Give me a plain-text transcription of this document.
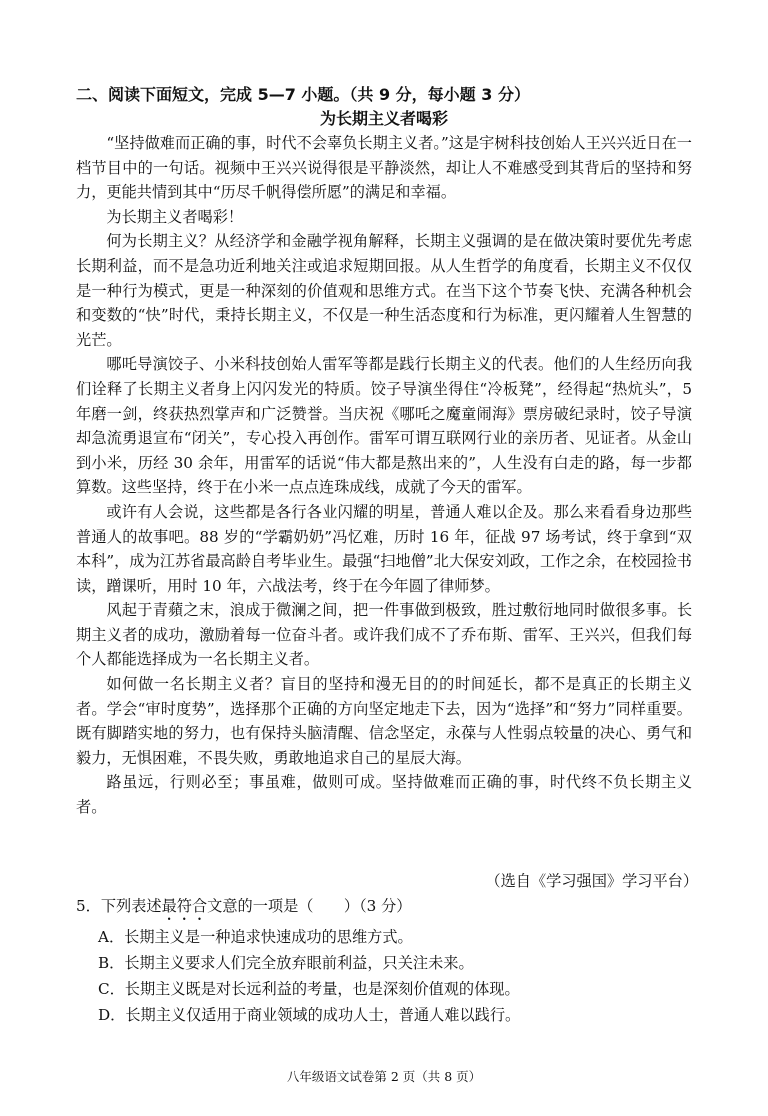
二、阅读下面短文，完成 5—7 小题。（共 9 分，每小题 3 分）
为长期主义者喝彩

“坚持做难而正确的事，时代不会辜负长期主义者。”这是宇树科技创始人王兴兴近日在一档节目中的一句话。视频中王兴兴说得很是平静淡然，却让人不难感受到其背后的坚持和努力，更能共情到其中“历尽千帆得偿所愿”的满足和幸福。

为长期主义者喝彩！

何为长期主义？从经济学和金融学视角解释，长期主义强调的是在做决策时要优先考虑长期利益，而不是急功近利地关注或追求短期回报。从人生哲学的角度看，长期主义不仅仅是一种行为模式，更是一种深刻的价值观和思维方式。在当下这个节奏飞快、充满各种机会和变数的“快”时代，秉持长期主义，不仅是一种生活态度和行为标准，更闪耀着人生智慧的光芒。

哪吒导演饺子、小米科技创始人雷军等都是践行长期主义的代表。他们的人生经历向我们诠释了长期主义者身上闪闪发光的特质。饺子导演坐得住“冷板凳”，经得起“热炕头”，5 年磨一剑，终获热烈掌声和广泛赞誉。当庆祝《哪吒之魔童闹海》票房破纪录时，饺子导演却急流勇退宣布“闭关”，专心投入再创作。雷军可谓互联网行业的亲历者、见证者。从金山到小米，历经 30 余年，用雷军的话说“伟大都是熬出来的”，人生没有白走的路，每一步都算数。这些坚持，终于在小米一点点连珠成线，成就了今天的雷军。

或许有人会说，这些都是各行各业闪耀的明星，普通人难以企及。那么来看看身边那些普通人的故事吧。88 岁的“学霸奶奶”冯忆难，历时 16 年，征战 97 场考试，终于拿到“双本科”，成为江苏省最高龄自考毕业生。最强“扫地僧”北大保安刘政，工作之余，在校园捡书读，蹭课听，用时 10 年，六战法考，终于在今年圆了律师梦。

风起于青蘋之末，浪成于微澜之间，把一件事做到极致，胜过敷衍地同时做很多事。长期主义者的成功，激励着每一位奋斗者。或许我们成不了乔布斯、雷军、王兴兴，但我们每个人都能选择成为一名长期主义者。

如何做一名长期主义者？盲目的坚持和漫无目的的时间延长，都不是真正的长期主义者。学会“审时度势”，选择那个正确的方向坚定地走下去，因为“选择”和“努力”同样重要。既有脚踏实地的努力，也有保持头脑清醒、信念坚定，永葆与人性弱点较量的决心、勇气和毅力，无惧困难，不畏失败，勇敢地追求自己的星辰大海。

路虽远，行则必至；事虽难，做则可成。坚持做难而正确的事，时代终不负长期主义者。

（选自《学习强国》学习平台）
5．下列表述最符合文意的一项是（　　）（3 分）
A．长期主义是一种追求快速成功的思维方式。
B．长期主义要求人们完全放弃眼前利益，只关注未来。
C．长期主义既是对长远利益的考量，也是深刻价值观的体现。
D．长期主义仅适用于商业领域的成功人士，普通人难以践行。
八年级语文试卷第 2 页（共 8 页）
